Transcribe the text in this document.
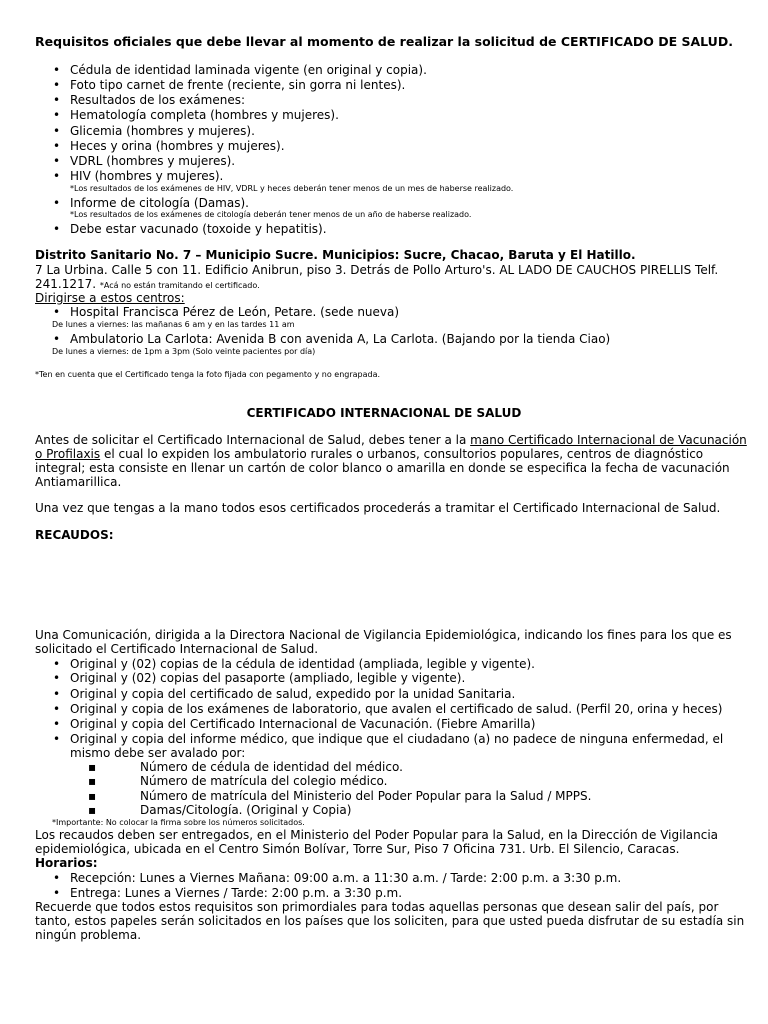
Requisitos oficiales que debe llevar al momento de realizar la solicitud de CERTIFICADO DE SALUD.
• Cédula de identidad laminada vigente (en original y copia).
• Foto tipo carnet de frente (reciente, sin gorra ni lentes).
• Resultados de los exámenes:
• Hematología completa (hombres y mujeres).
• Glicemia (hombres y mujeres).
• Heces y orina (hombres y mujeres).
• VDRL (hombres y mujeres).
• HIV (hombres y mujeres).
*Los resultados de los exámenes de HIV, VDRL y heces deberán tener menos de un mes de haberse realizado.
• Informe de citología (Damas).
*Los resultados de los exámenes de citología deberán tener menos de un año de haberse realizado.
• Debe estar vacunado (toxoide y hepatitis).
Distrito Sanitario No. 7 – Municipio Sucre. Municipios: Sucre, Chacao, Baruta y El Hatillo.
7 La Urbina. Calle 5 con 11. Edificio Anibrun, piso 3. Detrás de Pollo Arturo's. AL LADO DE CAUCHOS PIRELLIS Telf.
241.1217. *Acá no están tramitando el certificado.
Dirigirse a estos centros:
• Hospital Francisca Pérez de León, Petare. (sede nueva)
De lunes a viernes: las mañanas 6 am y en las tardes 11 am
• Ambulatorio La Carlota: Avenida B con avenida A, La Carlota. (Bajando por la tienda Ciao)
De lunes a viernes: de 1pm a 3pm (Solo veinte pacientes por día)
*Ten en cuenta que el Certificado tenga la foto fijada con pegamento y no engrapada.
CERTIFICADO INTERNACIONAL DE SALUD
Antes de solicitar el Certificado Internacional de Salud, debes tener a la mano Certificado Internacional de Vacunación
o Profilaxis el cual lo expiden los ambulatorio rurales o urbanos, consultorios populares, centros de diagnóstico
integral; esta consiste en llenar un cartón de color blanco o amarilla en donde se especifica la fecha de vacunación
Antiamarillica.
Una vez que tengas a la mano todos esos certificados procederás a tramitar el Certificado Internacional de Salud.
RECAUDOS:
Una Comunicación, dirigida a la Directora Nacional de Vigilancia Epidemiológica, indicando los fines para los que es
solicitado el Certificado Internacional de Salud.
• Original y (02) copias de la cédula de identidad (ampliada, legible y vigente).
• Original y (02) copias del pasaporte (ampliado, legible y vigente).
• Original y copia del certificado de salud, expedido por la unidad Sanitaria.
• Original y copia de los exámenes de laboratorio, que avalen el certificado de salud. (Perfil 20, orina y heces)
• Original y copia del Certificado Internacional de Vacunación. (Fiebre Amarilla)
• Original y copia del informe médico, que indique que el ciudadano (a) no padece de ninguna enfermedad, el
mismo debe ser avalado por:
▪ Número de cédula de identidad del médico.
▪ Número de matrícula del colegio médico.
▪ Número de matrícula del Ministerio del Poder Popular para la Salud / MPPS.
▪ Damas/Citología. (Original y Copia)
*Importante: No colocar la firma sobre los números solicitados.
Los recaudos deben ser entregados, en el Ministerio del Poder Popular para la Salud, en la Dirección de Vigilancia
epidemiológica, ubicada en el Centro Simón Bolívar, Torre Sur, Piso 7 Oficina 731. Urb. El Silencio, Caracas.
Horarios:
• Recepción: Lunes a Viernes Mañana: 09:00 a.m. a 11:30 a.m. / Tarde: 2:00 p.m. a 3:30 p.m.
• Entrega: Lunes a Viernes / Tarde: 2:00 p.m. a 3:30 p.m.
Recuerde que todos estos requisitos son primordiales para todas aquellas personas que desean salir del país, por
tanto, estos papeles serán solicitados en los países que los soliciten, para que usted pueda disfrutar de su estadía sin
ningún problema.
